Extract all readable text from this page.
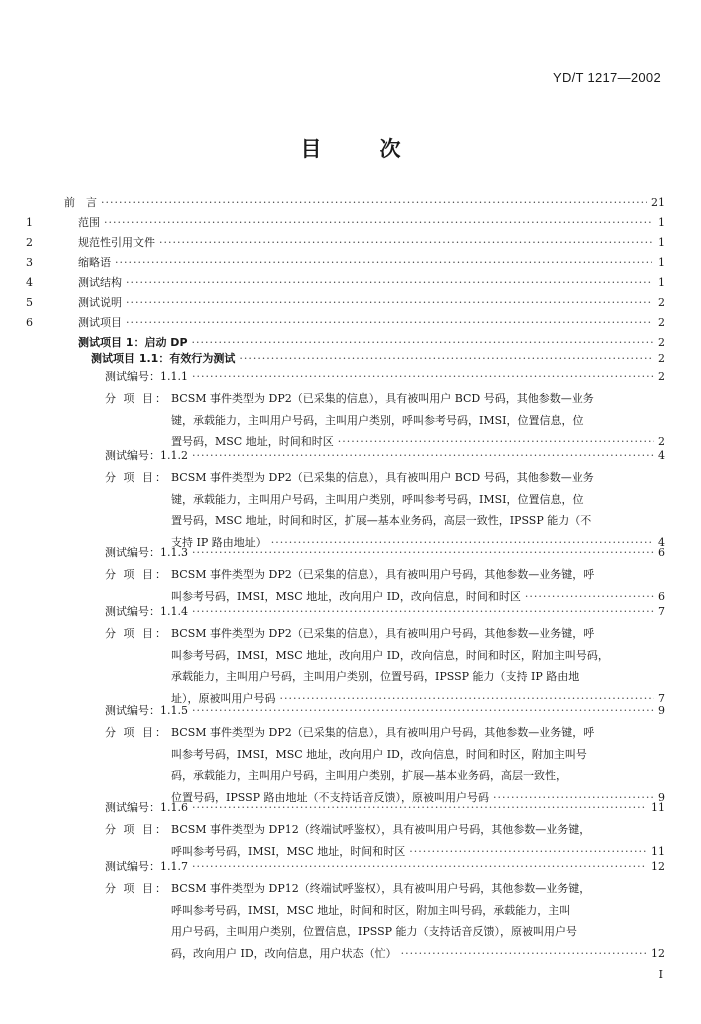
YD/T 1217—2002
目	次
前　言 ·····	21
1	范围 ·····	1
2	规范性引用文件 ·····	1
3	缩略语 ·····	1
4	测试结构 ·····	1
5	测试说明 ·····	2
6	测试项目 ·····	2
测试项目 1：启动 DP ·····	2
测试项目 1.1：有效行为测试 ·····	2
测试编号： 1.1.1 ·····	2
分 项 目： BCSM 事件类型为 DP2（已采集的信息），具有被叫用户 BCD 号码，其他参数—业务

键，承载能力，主叫用户号码，主叫用户类别，呼叫参考号码，IMSI，位置信息，位

置号码，MSC 地址，时间和时区 ·····	2

测试编号： 1.1.2 ·····	4
分 项 目： BCSM 事件类型为 DP2（已采集的信息），具有被叫用户 BCD 号码，其他参数—业务

键，承载能力，主叫用户号码，主叫用户类别，呼叫参考号码，IMSI，位置信息，位

置号码，MSC 地址，时间和时区，扩展—基本业务码，高层一致性，IPSSP 能力（不

支持 IP 路由地址） ·····	4

测试编号： 1.1.3 ·····	6
分 项 目： BCSM 事件类型为 DP2（已采集的信息），具有被叫用户号码，其他参数—业务键，呼

叫参考号码，IMSI，MSC 地址，改向用户 ID，改向信息，时间和时区 ·····	6

测试编号： 1.1.4 ·····	7
分 项 目： BCSM 事件类型为 DP2（已采集的信息），具有被叫用户号码，其他参数—业务键，呼

叫参考号码，IMSI，MSC 地址，改向用户 ID，改向信息，时间和时区，附加主叫号码，

承载能力，主叫用户号码，主叫用户类别，位置号码，IPSSP 能力（支持 IP 路由地

址），原被叫用户号码 ·····	7

测试编号： 1.1.5 ·····	9
分 项 目： BCSM 事件类型为 DP2（已采集的信息），具有被叫用户号码，其他参数—业务键，呼

叫参考号码，IMSI，MSC 地址，改向用户 ID，改向信息，时间和时区，附加主叫号

码，承载能力，主叫用户号码，主叫用户类别，扩展—基本业务码，高层一致性，

位置号码，IPSSP 路由地址（不支持话音反馈），原被叫用户号码 ·····	9

测试编号： 1.1.6 ·····	11
分 项 目： BCSM 事件类型为 DP12（终端试呼鉴权），具有被叫用户号码，其他参数—业务键，

呼叫参考号码，IMSI，MSC 地址，时间和时区 ·····	11

测试编号： 1.1.7 ·····	12
分 项 目： BCSM 事件类型为 DP12（终端试呼鉴权），具有被叫用户号码，其他参数—业务键，

呼叫参考号码，IMSI，MSC 地址，时间和时区，附加主叫号码，承载能力，主叫

用户号码，主叫用户类别，位置信息，IPSSP 能力（支持话音反馈），原被叫用户号

码，改向用户 ID，改向信息，用户状态（忙） ·····	12

I
